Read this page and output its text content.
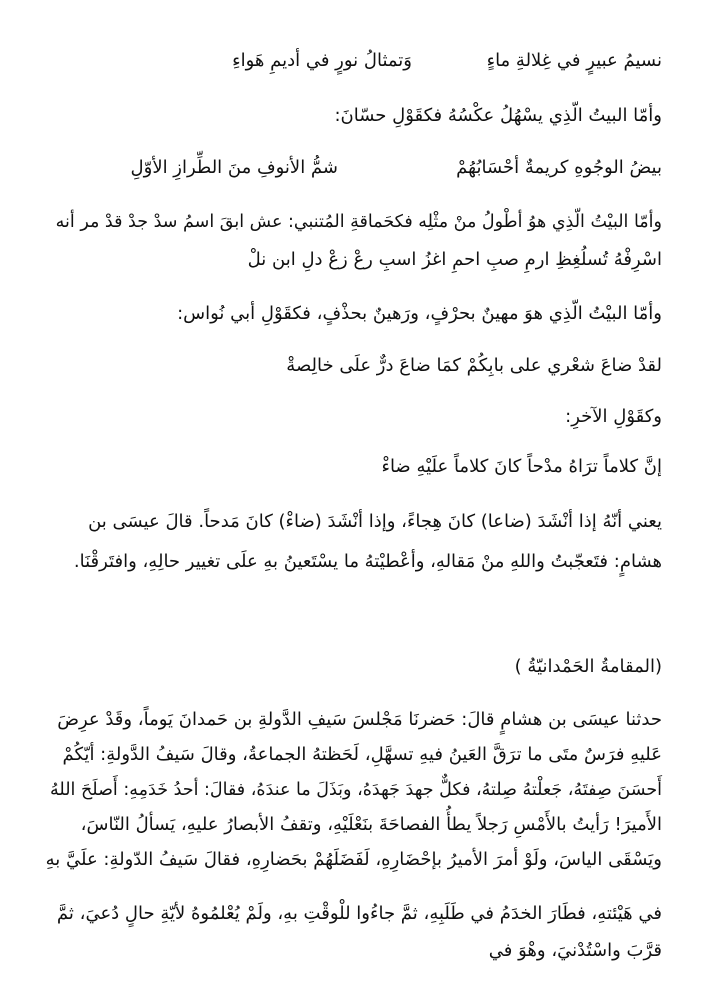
نسيمُ عبيرٍ في غِلالةِ ماءٍ
وَتمثالُ نورٍ في أديمِ هَواءِ
وأمّا البيتُ الّذِي يسْهُلُ عكْسُهُ فكقَوْلِ حسّانَ:
بيضُ الوجُوهِ كريمةٌ أحْسَابُهُمْ
شمُّ الأنوفِ منَ الطِّرازِ الأوّلِ
وأمّا البيْتُ الّذِي هوُ أطْولُ منْ مثْلِه فكحَماقةِ المُتنبي: عش ابقَ اسمُ سدْ جدْ قدْ مر أنه
اسْرِفْهُ تُسلُغِظِ ارمِ صبِ احمِ اغزُ اسبِ رعْ زعْ دلِ ابن نلْ
وأمّا البيْتُ الّذِي هوَ مهينٌ بحرْفٍ، ورَهينٌ بحذْفٍ، فكقَوْلِ أبي نُواس:
لقدْ ضاعَ شعْري على بابِكُمْ كمَا ضاعَ درٌّ علَى خالِصةْ
وكقَوْلِ الآخرِ:
إنَّ كلاماً ترَاهُ مدْحاً كانَ كلاماً علَيْهِ ضاءْ
يعني أنّهُ إذا أنْشَدَ (ضاعا) كانَ هِجاءً، وإذا أنْشَدَ (ضاءْ) كانَ مَدحاً. قالَ عيسَى بن
هشامٍ: فتَعجّبتُ واللهِ منْ مَقالهِ، وأعْطيْتهُ ما يسْتَعينُ بهِ علَى تغيير حالِهِ، وافتَرقْنَا.
(المقامةُ الحَمْدانيّةُ )
حدثنا عيسَى بن هشامٍ قالَ: حَضرنَا مَجْلسَ سَيفِ الدَّولةِ بن حَمدانَ يَوماً، وقَدْ عرِضَ
عَليهِ فرَسٌ متَى ما ترَقَّ العَينُ فيهِ تسهَّلِ، لَحَظتهُ الجماعةُ، وقالَ سَيفُ الدَّولةِ: أيّكُمْ
أَحسَنَ صِفتَهُ، جَعلْتهُ صِلتهُ، فكلٌّ جهدَ جَهدَهُ، وبَذَلَ ما عندَهُ، فقالَ: أحدُ خَدَمِهِ: أَصلَحَ اللهُ
الأَميرَ! رَأيتُ بالأَمْسِ رَجلاً يطأُ الفصاحَةَ بنَعْلَيْهِ، وتقفُ الأبصارُ عليهِ، يَسألُ النّاسَ،
ويَسْقَى الياسَ، ولَوْ أمرَ الأميرُ بإحْضَارِهِ، لَفَضَلَهُمْ بحَضارِهِ، فقالَ سَيفُ الدّولةِ: علَيَّ بهِ
في هَيْئتهِ، فطَارَ الخدَمُ في طَلَبِهِ، ثمَّ جاءُوا للْوقْتِ بهِ، ولَمْ يُعْلمُوهُ لأيّةِ حالٍ دُعيَ، ثمَّ
قرَّبَ واسْتُدْنيَ، وهْوَ في
